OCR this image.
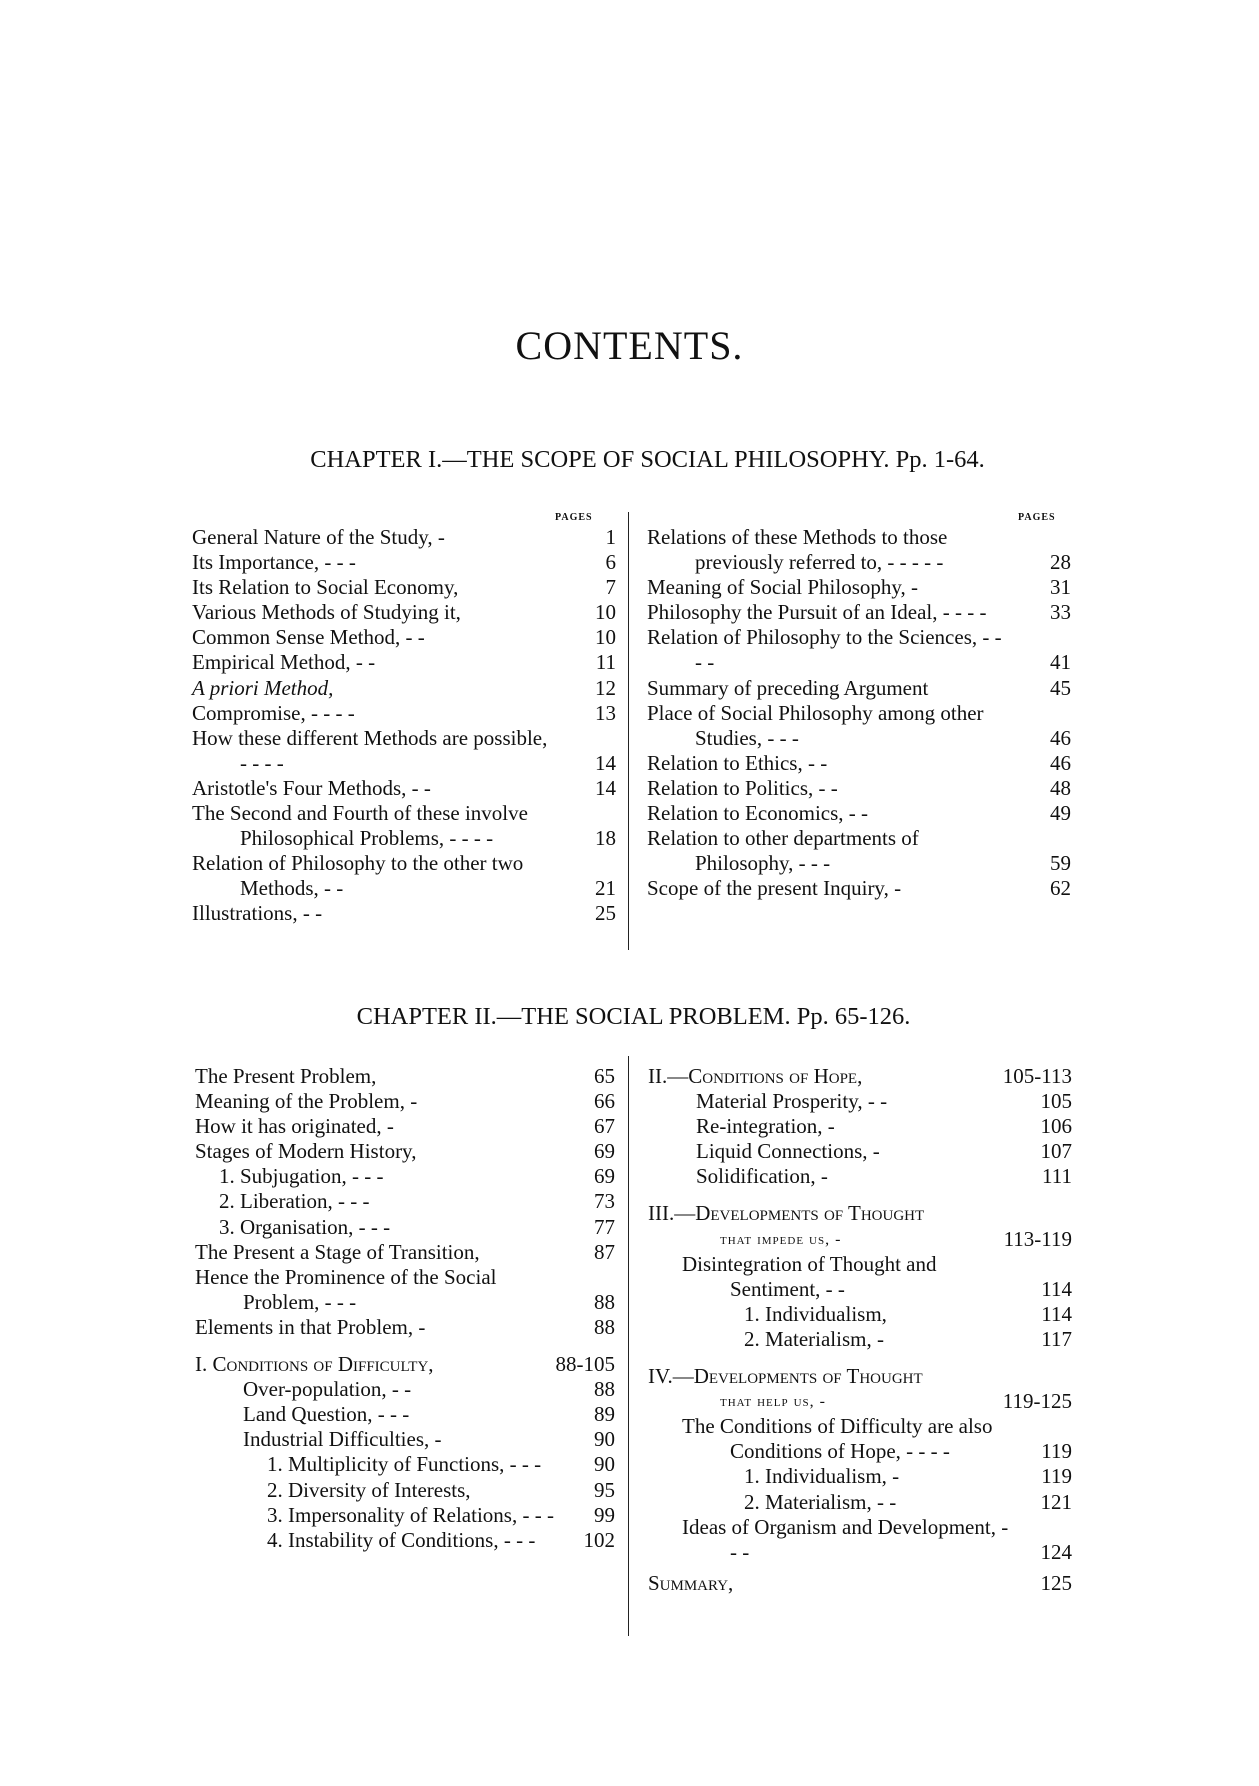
CONTENTS.
CHAPTER I.—THE SCOPE OF SOCIAL PHILOSOPHY. Pp. 1-64.
PAGES	PAGES
General Nature of the Study, -	1
Its Importance, - - -	6
Its Relation to Social Economy,	7
Various Methods of Studying it,	10
Common Sense Method, - -	10
Empirical Method, - -	11
A priori Method,	12
Compromise, - - - -	13
How these different Methods are possible, - - - -	14
Aristotle's Four Methods, - -	14
The Second and Fourth of these involve Philosophical Problems, - - - -	18
Relation of Philosophy to the other two Methods, - -	21
Illustrations, - -	25
Relations of these Methods to those previously referred to, - - - - -	28
Meaning of Social Philosophy, -	31
Philosophy the Pursuit of an Ideal, - - - -	33
Relation of Philosophy to the Sciences, - - - -	41
Summary of preceding Argument	45
Place of Social Philosophy among other Studies, - - -	46
Relation to Ethics, - -	46
Relation to Politics, - -	48
Relation to Economics, - -	49
Relation to other departments of Philosophy, - - -	59
Scope of the present Inquiry, -	62
CHAPTER II.—THE SOCIAL PROBLEM. Pp. 65-126.
The Present Problem,	65
Meaning of the Problem, -	66
How it has originated, -	67
Stages of Modern History,	69
1. Subjugation, - - -	69
2. Liberation, - - -	73
3. Organisation, - - -	77
The Present a Stage of Transition,	87
Hence the Prominence of the Social Problem, - - -	88
Elements in that Problem, -	88
I. Conditions of Difficulty,	88-105
Over-population, - -	88
Land Question, - - -	89
Industrial Difficulties, -	90
1. Multiplicity of Functions, - - -	90
2. Diversity of Interests,	95
3. Impersonality of Relations, - - -	99
4. Instability of Conditions, - - -	102
II.—Conditions of Hope,	105-113
Material Prosperity, - -	105
Re-integration, -	106
Liquid Connections, -	107
Solidification, -	111
III.—Developments of Thought
that impede us, -	113-119
Disintegration of Thought and Sentiment, - -	114
1. Individualism,	114
2. Materialism, -	117
IV.—Developments of Thought
that help us, -	119-125
The Conditions of Difficulty are also Conditions of Hope, - - - -	119
1. Individualism, -	119
2. Materialism, - -	121
Ideas of Organism and Development, - - -	124
Summary,	125
